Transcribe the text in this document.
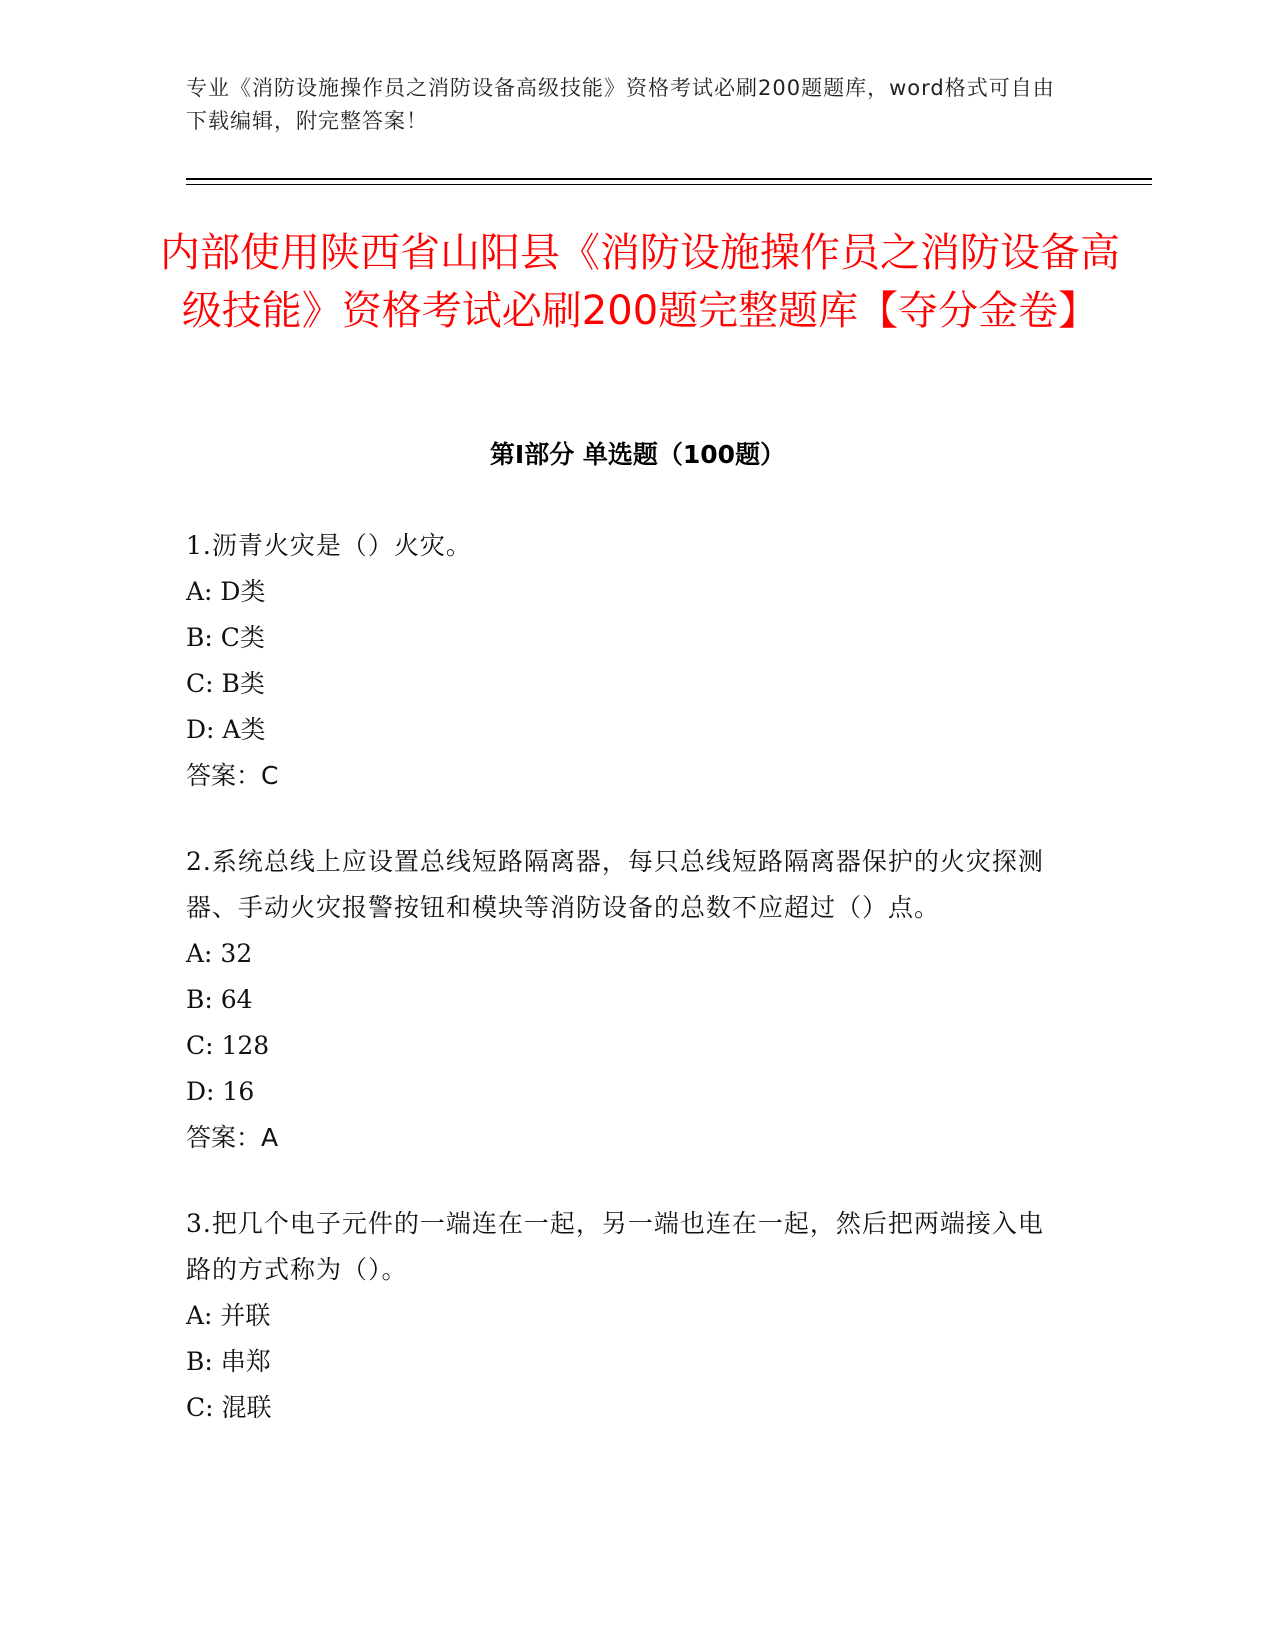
专业《消防设施操作员之消防设备高级技能》资格考试必刷200题题库，word格式可自由下载编辑，附完整答案！
内部使用陕西省山阳县《消防设施操作员之消防设备高级技能》资格考试必刷200题完整题库【夺分金卷】
第Ⅰ部分 单选题（100题）

1.沥青火灾是（）火灾。

A: D类

B: C类

C: B类

D: A类

答案：C

2.系统总线上应设置总线短路隔离器，每只总线短路隔离器保护的火灾探测器、手动火灾报警按钮和模块等消防设备的总数不应超过（）点。

A: 32

B: 64

C: 128

D: 16

答案：A

3.把几个电子元件的一端连在一起，另一端也连在一起，然后把两端接入电路的方式称为（）。

A: 并联

B: 串郑

C: 混联
